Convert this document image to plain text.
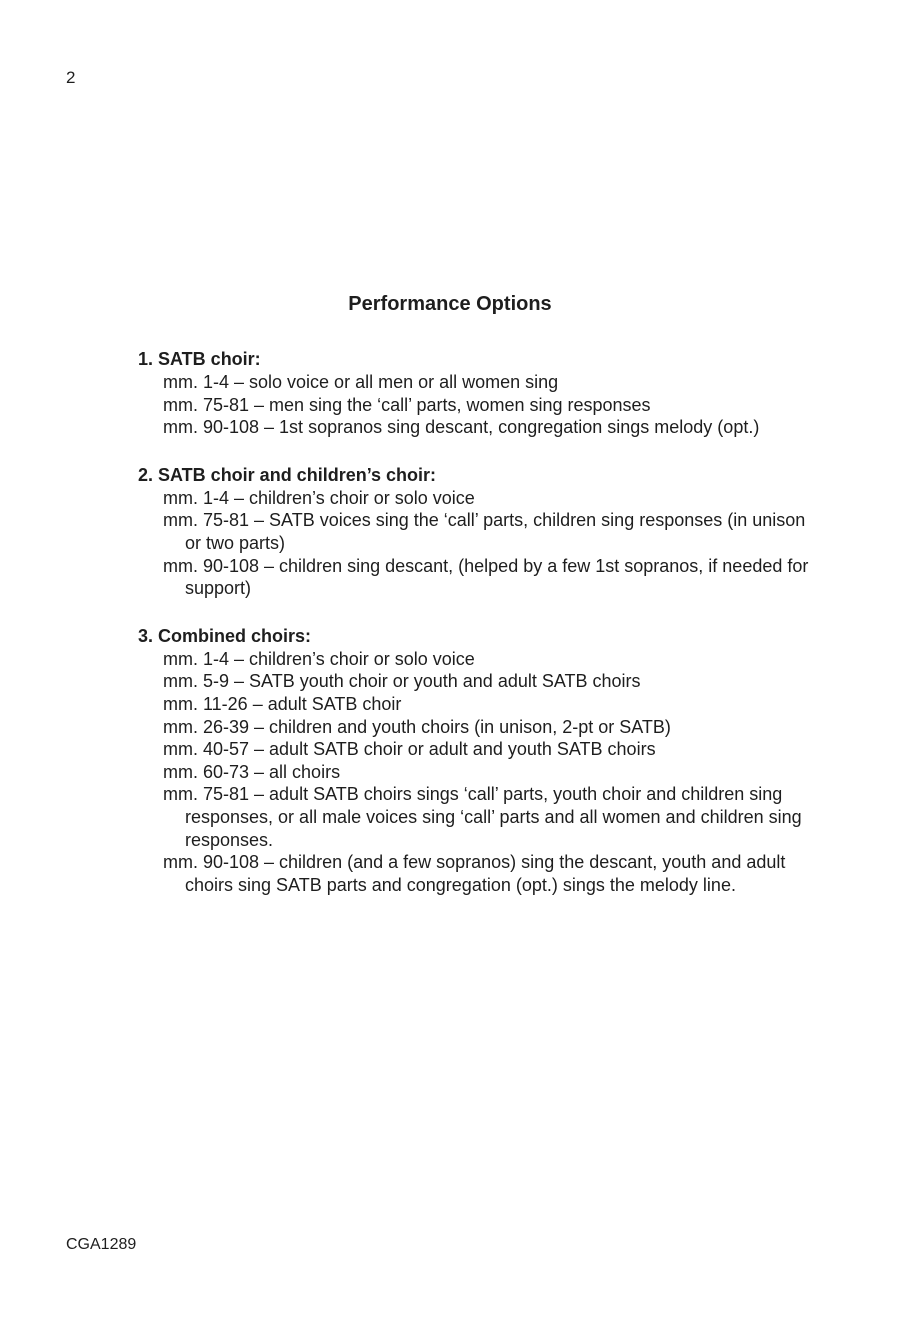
2
Performance Options
1. SATB choir:
mm. 1-4 – solo voice or all men or all women sing
mm. 75-81 – men sing the ‘call’ parts, women sing responses
mm. 90-108 – 1st sopranos sing descant, congregation sings melody (opt.)
2. SATB choir and children’s choir:
mm. 1-4 – children’s choir or solo voice
mm. 75-81 – SATB voices sing the ‘call’ parts, children sing responses (in unison or two parts)
mm. 90-108 – children sing descant, (helped by a few 1st sopranos, if needed for support)
3. Combined choirs:
mm. 1-4 – children’s choir or solo voice
mm. 5-9 – SATB youth choir or youth and adult SATB choirs
mm. 11-26 – adult SATB choir
mm. 26-39 – children and youth choirs (in unison, 2-pt or SATB)
mm. 40-57 – adult SATB choir or adult and youth SATB choirs
mm. 60-73 – all choirs
mm. 75-81 – adult SATB choirs sings ‘call’ parts, youth choir and children sing responses, or all male voices sing ‘call’ parts and all women and children sing responses.
mm. 90-108 – children (and a few sopranos) sing the descant, youth and adult choirs sing SATB parts and congregation (opt.) sings the melody line.
CGA1289
